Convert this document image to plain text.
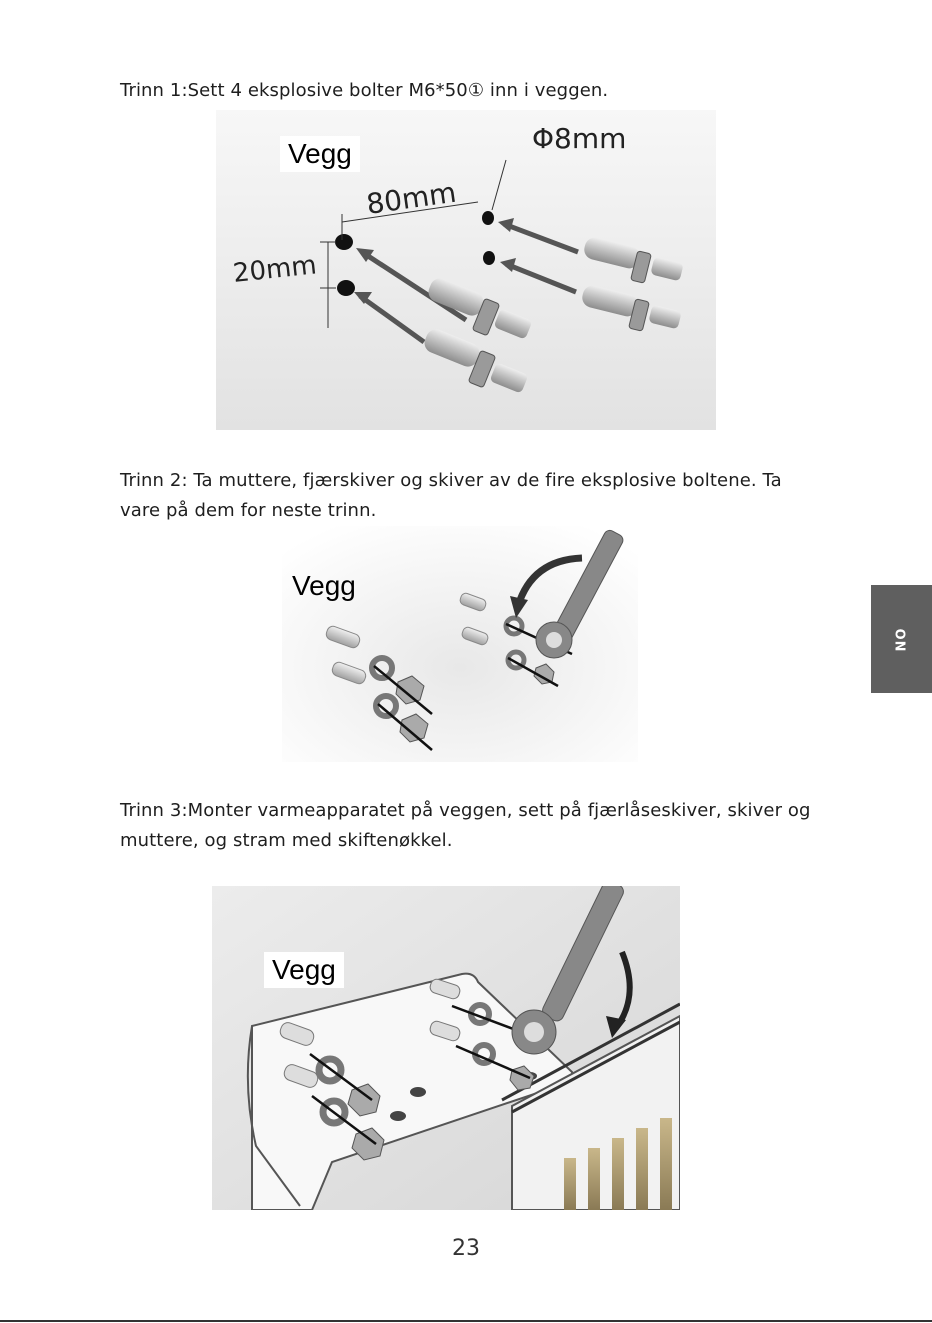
Trinn 1:Sett 4 eksplosive bolter M6*50① inn i veggen.
80mm
20mm
Φ8mm
Vegg
Trinn 2: Ta muttere, fjærskiver og skiver av de fire eksplosive boltene. Ta vare på dem for neste trinn.
Vegg
Trinn 3:Monter varmeapparatet på veggen, sett på fjærlåseskiver, skiver og muttere, og stram med skiftenøkkel.
Vegg
NO
23
